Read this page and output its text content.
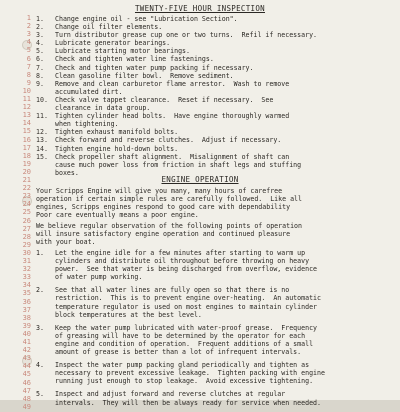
1
2
3
4
5
6
7
8
9
10
11
12
13
14
15
16
17
18
19
20
21
22
23
24
25
26
27
28
29
30
31
32
33
34
35
36
37
38
39
40
41
42
43
44
45
46
47
48
49
TWENTY-FIVE HOUR INSPECTION
1.	Change engine oil - see "Lubrication Section".
2.	Change oil filter elements.
3.	Turn distributor grease cup one or two turns.  Refil if necessary.
4.	Lubricate generator bearings.
5.	Lubricate starting motor bearings.
6.	Check and tighten water line fastenings.
7.	Check and tighten water pump packing if necessary.
8.	Clean gasoline filter bowl.  Remove sediment.
9.	Remove and clean carburetor flame arrestor.  Wash to remove
accumulated dirt.
10.	Check valve tappet clearance.  Reset if necessary.  See
clearance in data group.
11.	Tighten cylinder head bolts.  Have engine thoroughly warmed
when tightening.
12.	Tighten exhaust manifold bolts.
13.	Check forward and reverse clutches.  Adjust if necessary.
14.	Tighten engine hold-down bolts.
15.	Check propeller shaft alignment.  Misalignment of shaft can
cause much power loss from friction in shaft legs and stuffing
boxes.
ENGINE OPERATION
Your Scripps Engine will give you many, many hours of carefree
operation if certain simple rules are carefully followed.  Like all
engines, Scripps engines respond to good care with dependability
Poor care eventually means a poor engine.
We believe regular observation of the following points of operation
will insure satisfactory engine operation and continued pleasure
with your boat.
1.	Let the engine idle for a few minutes after starting to warm up
cylinders and distribute oil throughout before throwing on heavy
power.  See that water is being discharged from overflow, evidence
of water pump working.
2.	See that all water lines are fully open so that there is no
restriction.  This is to prevent engine over-heating.  An automatic
temperature regulator is used on most engines to maintain cylinder
block temperatures at the best level.
3.	Keep the water pump lubricated with water-proof grease.  Frequency
of greasing will have to be determined by the operator for each
engine and condition of operation.  Frequent additions of a small
amount of grease is better than a lot of infrequent intervals.
4.	Inspect the water pump packing gland periodically and tighten as
necessary to prevent excessive leakage.  Tighten packing with engine
running just enough to stop leakage.  Avoid excessive tightening.
5.	Inspect and adjust forward and reverse clutches at regular
intervals.  They will then be always ready for service when needed.
